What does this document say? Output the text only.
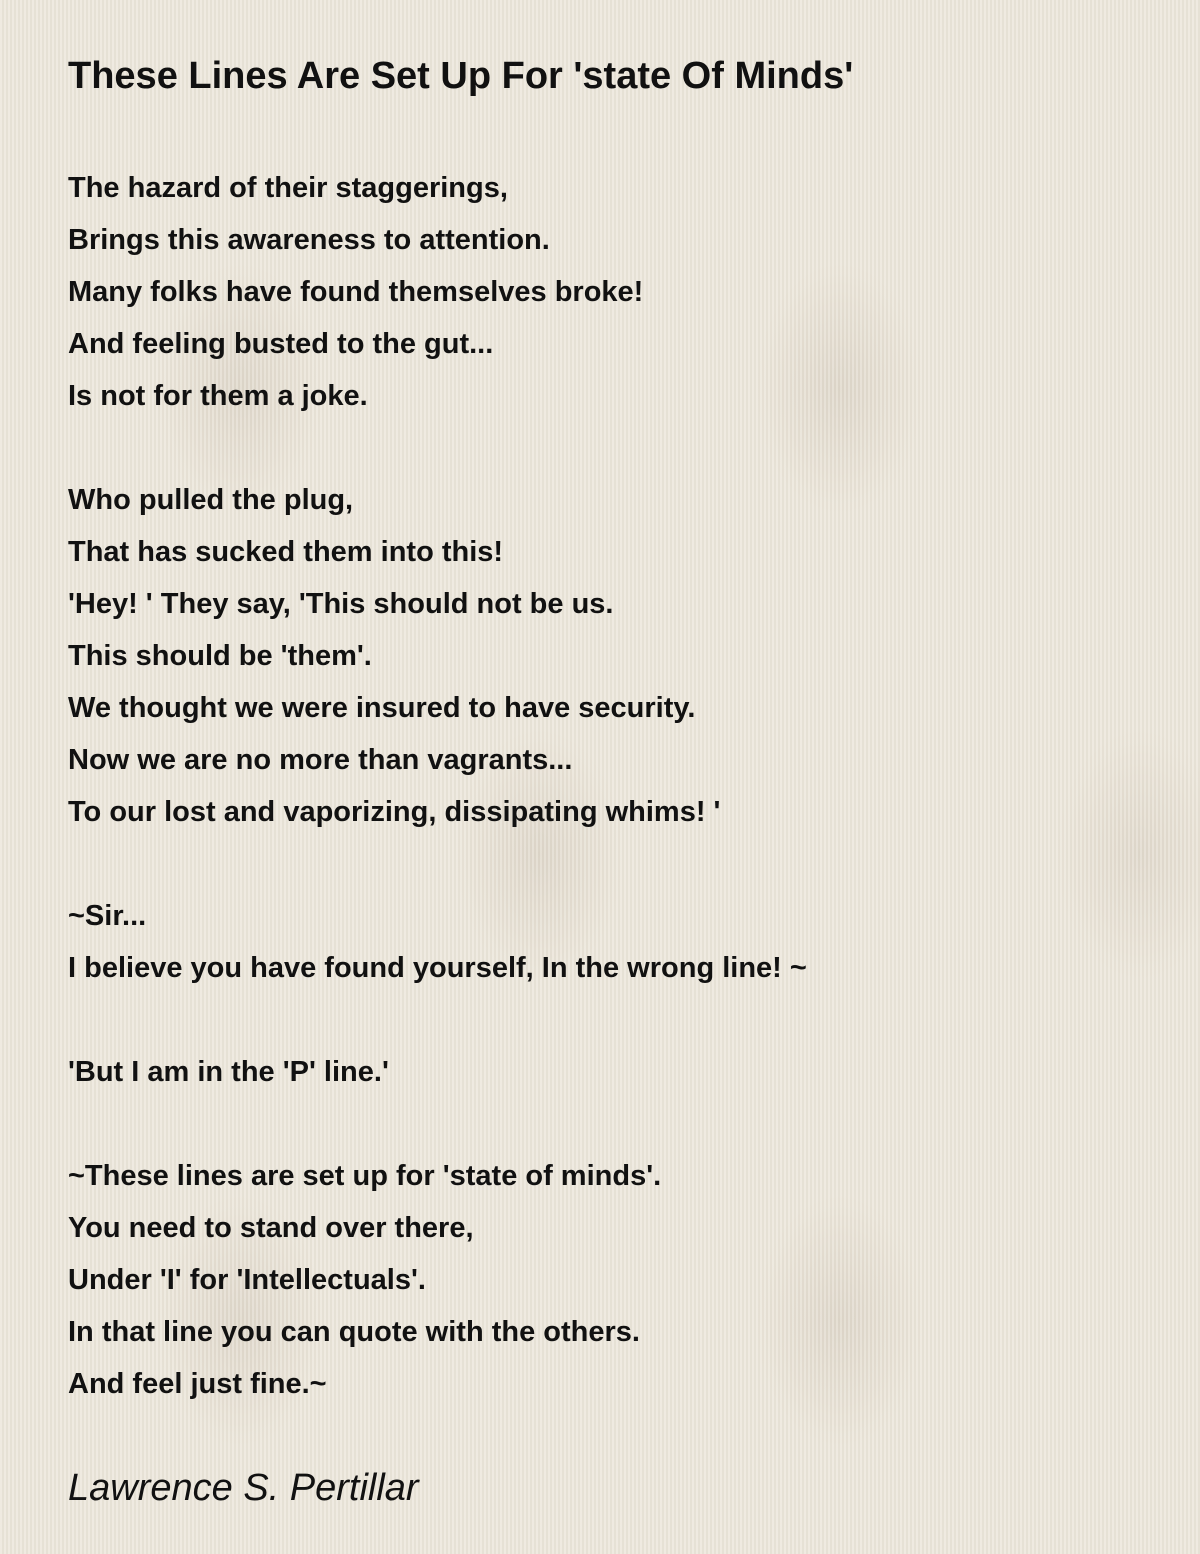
These Lines Are Set Up For 'state Of Minds'
The hazard of their staggerings,
Brings this awareness to attention.
Many folks have found themselves broke!
And feeling busted to the gut...
Is not for them a joke.
Who pulled the plug,
That has sucked them into this!
'Hey! ' They say, 'This should not be us.
This should be 'them'.
We thought we were insured to have security.
Now we are no more than vagrants...
To our lost and vaporizing, dissipating whims! '
~Sir...
I believe you have found yourself, In the wrong line! ~
'But I am in the 'P' line.'
~These lines are set up for 'state of minds'.
You need to stand over there,
Under 'I' for 'Intellectuals'.
In that line you can quote with the others.
And feel just fine.~
Lawrence S. Pertillar
